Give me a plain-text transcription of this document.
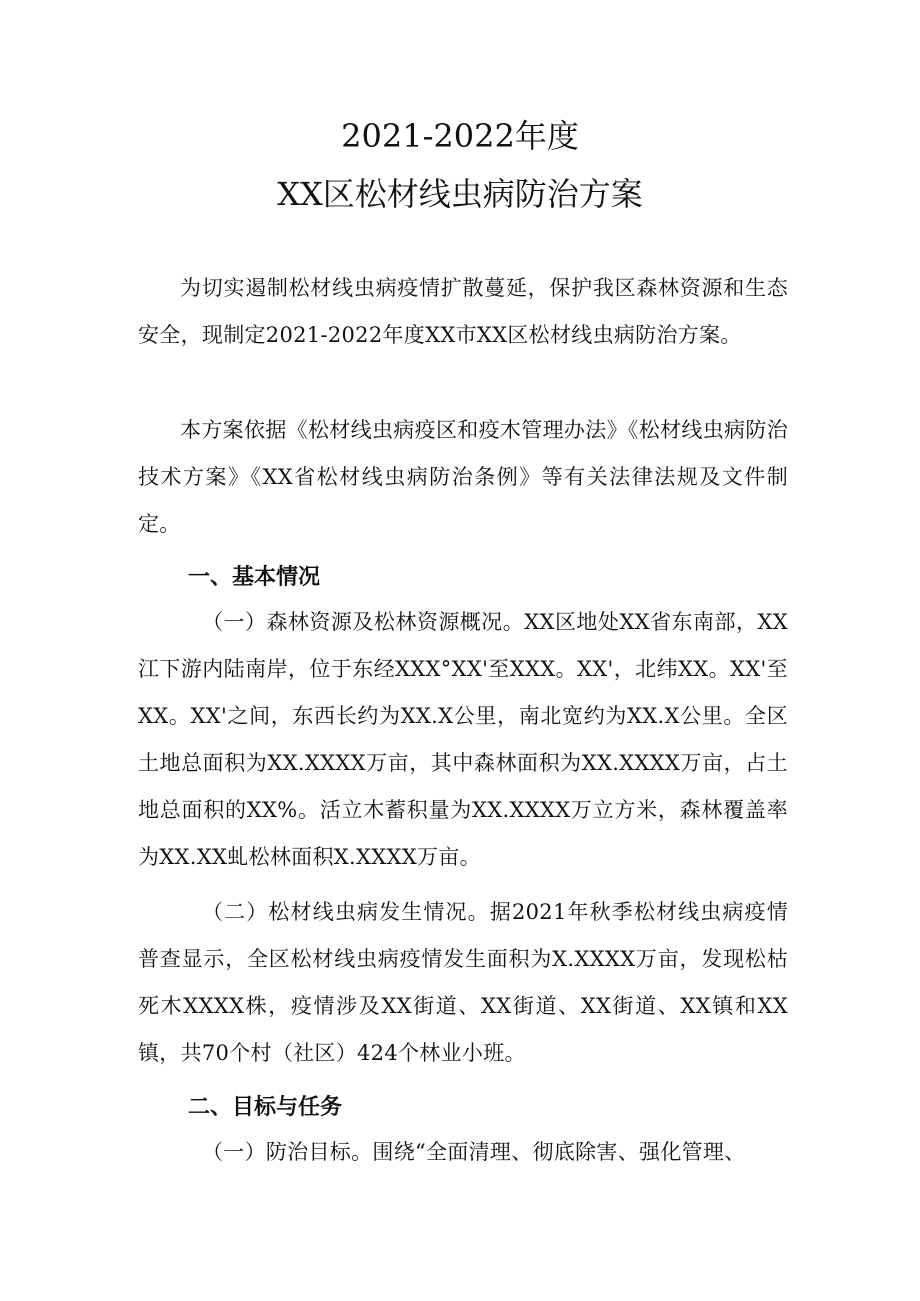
2021-2022年度
XX区松材线虫病防治方案
为切实遏制松材线虫病疫情扩散蔓延，保护我区森林资源和生态安全，现制定2021-2022年度XX市XX区松材线虫病防治方案。
本方案依据《松材线虫病疫区和疫木管理办法》《松材线虫病防治技术方案》《XX省松材线虫病防治条例》等有关法律法规及文件制定。
一、基本情况
（一）森林资源及松林资源概况。XX区地处XX省东南部，XX江下游内陆南岸，位于东经XXX°XX'至XXX。XX'，北纬XX。XX'至XX。XX'之间，东西长约为XX.X公里，南北宽约为XX.X公里。全区土地总面积为XX.XXXX万亩，其中森林面积为XX.XXXX万亩，占土地总面积的XX%。活立木蓄积量为XX.XXXX万立方米，森林覆盖率为XX.XX虬松林面积X.XXXX万亩。
（二）松材线虫病发生情况。据2021年秋季松材线虫病疫情普查显示，全区松材线虫病疫情发生面积为X.XXXX万亩，发现松枯死木XXXX株，疫情涉及XX街道、XX街道、XX街道、XX镇和XX镇，共70个村（社区）424个林业小班。
二、目标与任务
（一）防治目标。围绕“全面清理、彻底除害、强化管理、
